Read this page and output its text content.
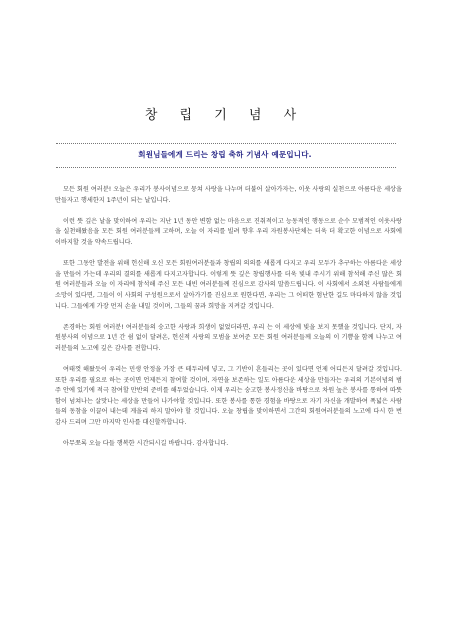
창 립 기 념 사
회원님들에게 드리는 창립 축하 기념사 예문입니다.

모든 회원 여러분! 오늘은 우리가 봉사이념으로 뭉쳐 사랑을 나누며 더불어 살아가자는, 이웃 사랑의 실천으로 아름다운 세상을 만들자고 행세한지 1주년이 되는 날입니다.

이런 뜻 깊은 날을 맞이하여 우리는 지난 1년 동안 변함 없는 마음으로 진취적이고 능동적인 행동으로 순수 모범적인 이웃사랑을 실천해왔음을 모든 회원 여러분들께 고하며, 오늘 이 자리를 빌려 향후 우리 자원봉사단체는 더욱 더 확고한 이념으로 사회에 이바지할 것을 약속드립니다.

또한 그동안 발전을 위해 헌신해 오신 모든 회원여러분들과 창립의 의의를 새롭게 다지고 우리 모두가 추구하는 아름다운 세상을 만들어 가는데 우리의 결의를 새롭게 다지고자합니다. 이렇게 뜻 깊은 창립행사를 더욱 빛내 주시기 위해 참석해 주신 많은 회원 여러분들과 오늘 이 자리에 참석해 주신 모든 내빈 여러분들께 진심으로 감사의 말씀드립니다. 이 사회에서 소외된 사람들에게 소망이 있다면, 그들이 이 사회의 구성원으로서 살아가기를 진심으로 원한다면, 우리는 그 어떠한 험난한 길도 마다하지 않을 것입니다. 그들에게 가장 먼저 손을 내밀 것이며, 그들의 꿈과 희망을 지켜갈 것입니다.

존경하는 회원 여러분! 여러분들의 숭고한 사랑과 희생이 없었더라면, 우리 는 이 세상에 빛을 보지 못했을 것입니다. 단지, 자원봉사의 이념으로 1년 간 쉼 없이 달려온, 헌신적 사랑의 모범을 보여준 모든 회원 여러분들께 오늘의 이 기쁨을 함께 나누고 여러분들의 노고에 깊은 감사를 전합니다.

여태껏 해왔듯이 우리는 민생 안정을 가장 큰 테두리에 넣고, 그 기반이 흔들리는 곳이 있다면 언제 어디든지 달려갈 것입니다. 또한 우리를 필요로 하는 곳이면 언제든지 참여할 것이며, 자연을 보존하는 일도 아름다운 세상을 만들자는 우리의 기본이념의 범주 안에 있기에 적극 참여할 만반의 준비를 해두었습니다. 이제 우리는 숭고한 봉사정신을 바탕으로 차원 높은 봉사를 통하여 따뜻함이 넘쳐나는 살맛나는 세상을 만들어 나가야할 것입니다. 또한 봉사를 통한 경험을 바탕으로 자기 자신을 개발하여 폭넓은 사람들의 동참을 이끌어 내는데 게을리 하지 말아야 할 것입니다. 오늘 창립을 맞이하면서 그간의 회원여러분들의 노고에 다시 한 번 감사 드리며 그만 마지막 인사를 대신할까합니다.

아무쪼록 오늘 다들 행복한 시간되시길 바랍니다. 감사합니다.
